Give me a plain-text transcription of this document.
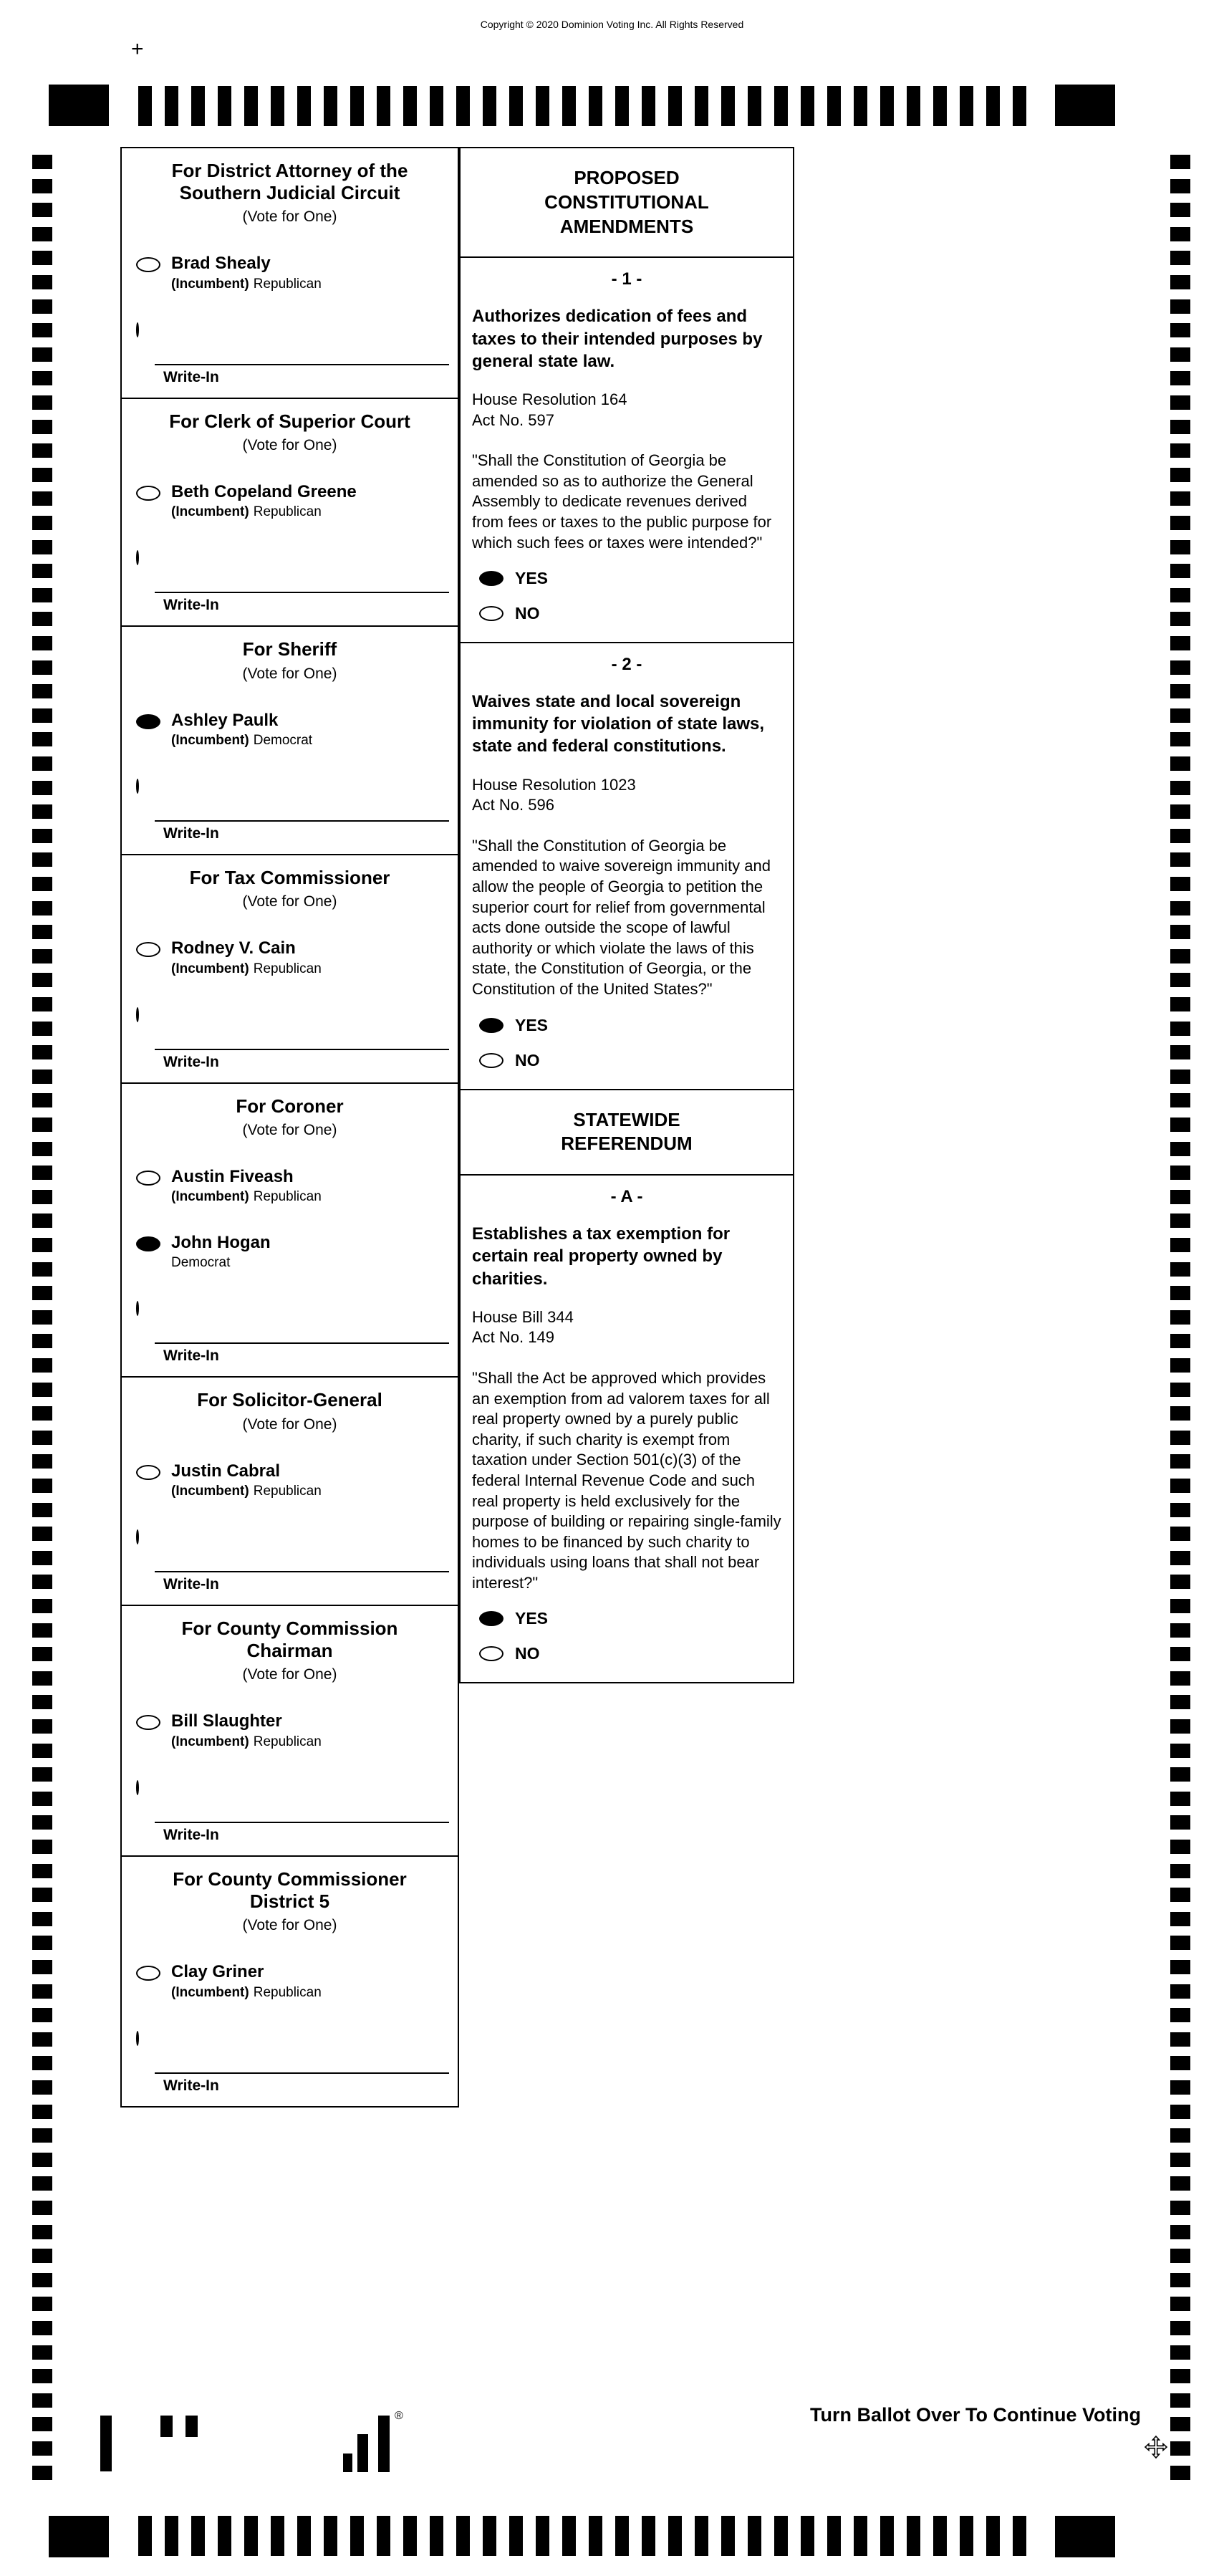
Copyright © 2020 Dominion Voting Inc. All Rights Reserved
+
For District Attorney of the
Southern Judicial Circuit
(Vote for One)
Brad Shealy
(Incumbent) Republican
Write-In
For Clerk of Superior Court
(Vote for One)
Beth Copeland Greene
(Incumbent) Republican
Write-In
For Sheriff
(Vote for One)
Ashley Paulk
(Incumbent) Democrat
Write-In
For Tax Commissioner
(Vote for One)
Rodney V. Cain
(Incumbent) Republican
Write-In
For Coroner
(Vote for One)
Austin Fiveash
(Incumbent) Republican
John Hogan
Democrat
Write-In
For Solicitor-General
(Vote for One)
Justin Cabral
(Incumbent) Republican
Write-In
For County Commission
Chairman
(Vote for One)
Bill Slaughter
(Incumbent) Republican
Write-In
For County Commissioner
District 5
(Vote for One)
Clay Griner
(Incumbent) Republican
Write-In
PROPOSED
CONSTITUTIONAL
AMENDMENTS
- 1 -
Authorizes dedication of fees and taxes to their intended purposes by general state law.
House Resolution 164
Act No. 597
"Shall the Constitution of Georgia be amended so as to authorize the General Assembly to dedicate revenues derived from fees or taxes to the public purpose for which such fees or taxes were intended?"
YES
NO
- 2 -
Waives state and local sovereign immunity for violation of state laws, state and federal constitutions.
House Resolution 1023
Act No. 596
"Shall the Constitution of Georgia be amended to waive sovereign immunity and allow the people of Georgia to petition the superior court for relief from governmental acts done outside the scope of lawful authority or which violate the laws of this state, the Constitution of Georgia, or the Constitution of the United States?"
YES
NO
STATEWIDE
REFERENDUM
- A -
Establishes a tax exemption for certain real property owned by charities.
House Bill 344
Act No. 149
"Shall the Act be approved which provides an exemption from ad valorem taxes for all real property owned by a purely public charity, if such charity is exempt from taxation under Section 501(c)(3) of the federal Internal Revenue Code and such real property is held exclusively for the purpose of building or repairing single-family homes to be financed by such charity to individuals using loans that shall not bear interest?"
YES
NO
®	Turn Ballot Over To Continue Voting
